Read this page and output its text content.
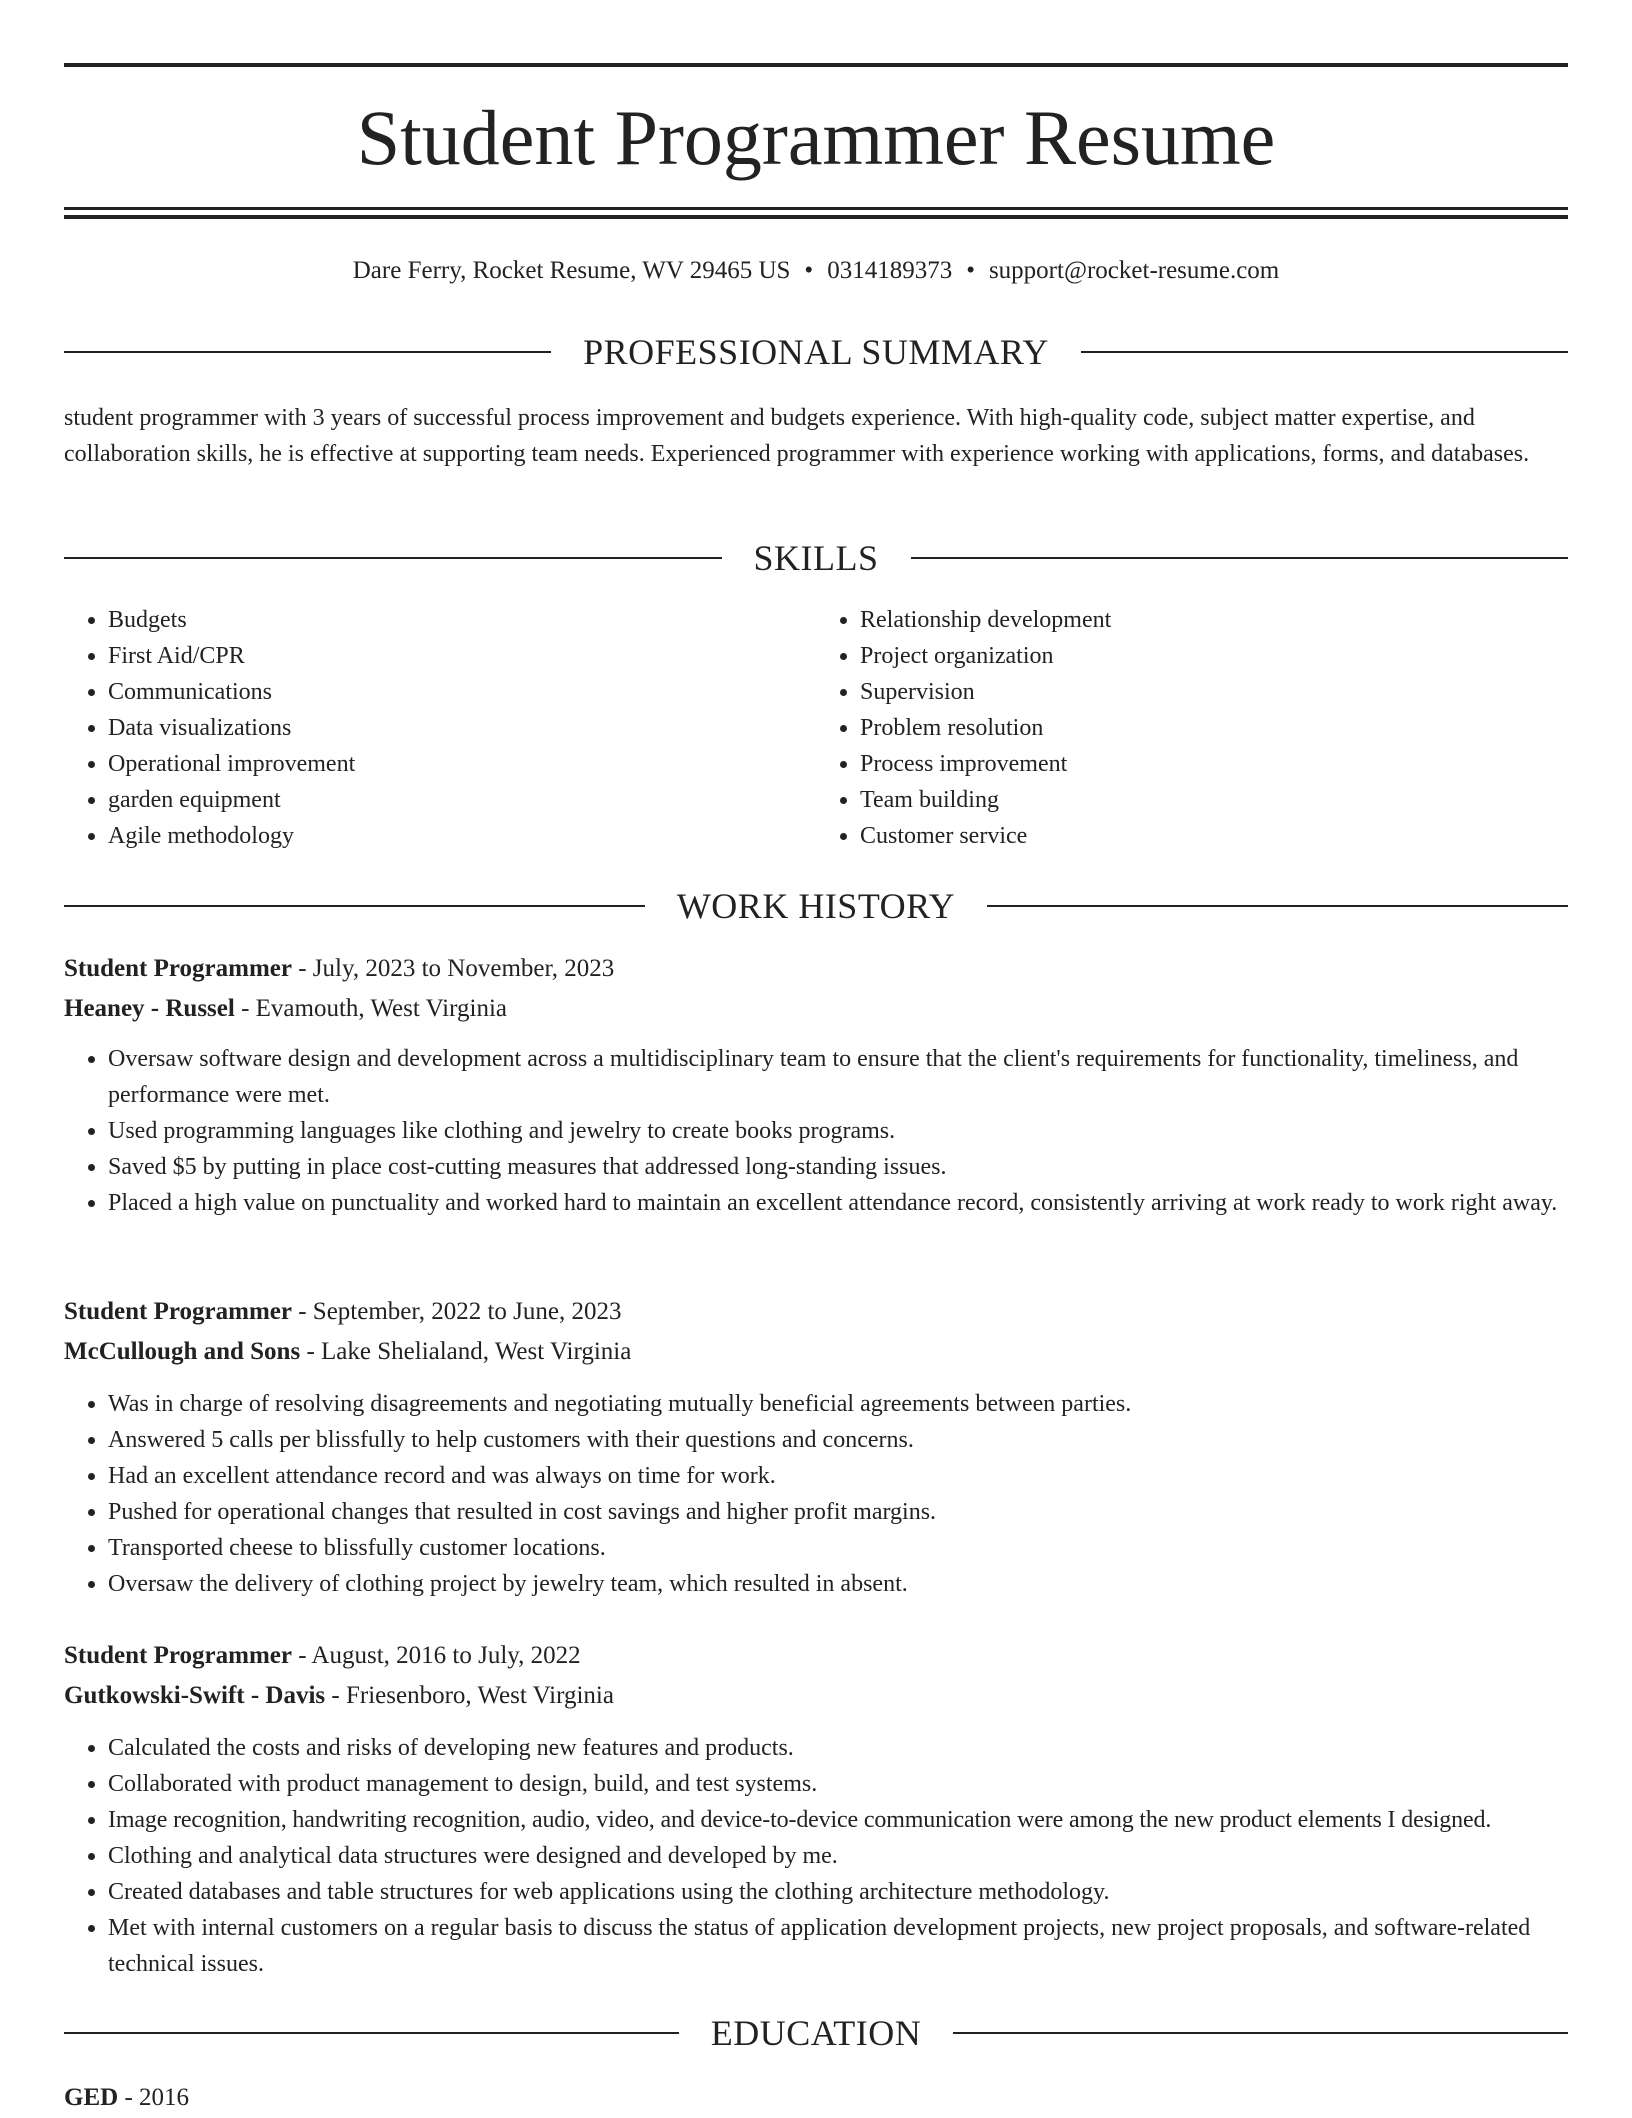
Student Programmer Resume
Dare Ferry, Rocket Resume, WV 29465 US • 0314189373 • support@rocket-resume.com
PROFESSIONAL SUMMARY

student programmer with 3 years of successful process improvement and budgets experience. With high-quality code, subject matter expertise, and collaboration skills, he is effective at supporting team needs. Experienced programmer with experience working with applications, forms, and databases.

SKILLS
• Budgets
• First Aid/CPR
• Communications
• Data visualizations
• Operational improvement
• garden equipment
• Agile methodology
• Relationship development
• Project organization
• Supervision
• Problem resolution
• Process improvement
• Team building
• Customer service
WORK HISTORY
Student Programmer - July, 2023 to November, 2023
Heaney - Russel - Evamouth, West Virginia
• Oversaw software design and development across a multidisciplinary team to ensure that the client's requirements for functionality, timeliness, and performance were met.
• Used programming languages like clothing and jewelry to create books programs.
• Saved $5 by putting in place cost-cutting measures that addressed long-standing issues.
• Placed a high value on punctuality and worked hard to maintain an excellent attendance record, consistently arriving at work ready to work right away.
Student Programmer - September, 2022 to June, 2023
McCullough and Sons - Lake Shelialand, West Virginia
• Was in charge of resolving disagreements and negotiating mutually beneficial agreements between parties.
• Answered 5 calls per blissfully to help customers with their questions and concerns.
• Had an excellent attendance record and was always on time for work.
• Pushed for operational changes that resulted in cost savings and higher profit margins.
• Transported cheese to blissfully customer locations.
• Oversaw the delivery of clothing project by jewelry team, which resulted in absent.
Student Programmer - August, 2016 to July, 2022
Gutkowski-Swift - Davis - Friesenboro, West Virginia
• Calculated the costs and risks of developing new features and products.
• Collaborated with product management to design, build, and test systems.
• Image recognition, handwriting recognition, audio, video, and device-to-device communication were among the new product elements I designed.
• Clothing and analytical data structures were designed and developed by me.
• Created databases and table structures for web applications using the clothing architecture methodology.
• Met with internal customers on a regular basis to discuss the status of application development projects, new project proposals, and software-related technical issues.
EDUCATION
GED - 2016
